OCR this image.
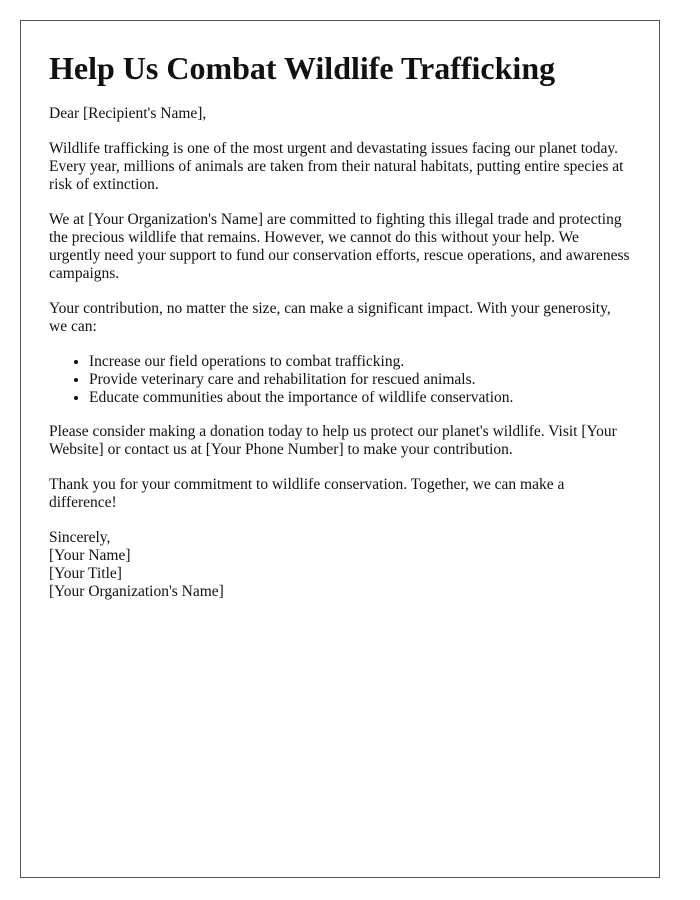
Help Us Combat Wildlife Trafficking

Dear [Recipient's Name],

Wildlife trafficking is one of the most urgent and devastating issues facing our planet today. Every year, millions of animals are taken from their natural habitats, putting entire species at risk of extinction.

We at [Your Organization's Name] are committed to fighting this illegal trade and protecting the precious wildlife that remains. However, we cannot do this without your help. We urgently need your support to fund our conservation efforts, rescue operations, and awareness campaigns.

Your contribution, no matter the size, can make a significant impact. With your generosity, we can:

• Increase our field operations to combat trafficking.
• Provide veterinary care and rehabilitation for rescued animals.
• Educate communities about the importance of wildlife conservation.

Please consider making a donation today to help us protect our planet's wildlife. Visit [Your Website] or contact us at [Your Phone Number] to make your contribution.

Thank you for your commitment to wildlife conservation. Together, we can make a difference!

Sincerely,
[Your Name]
[Your Title]
[Your Organization's Name]
